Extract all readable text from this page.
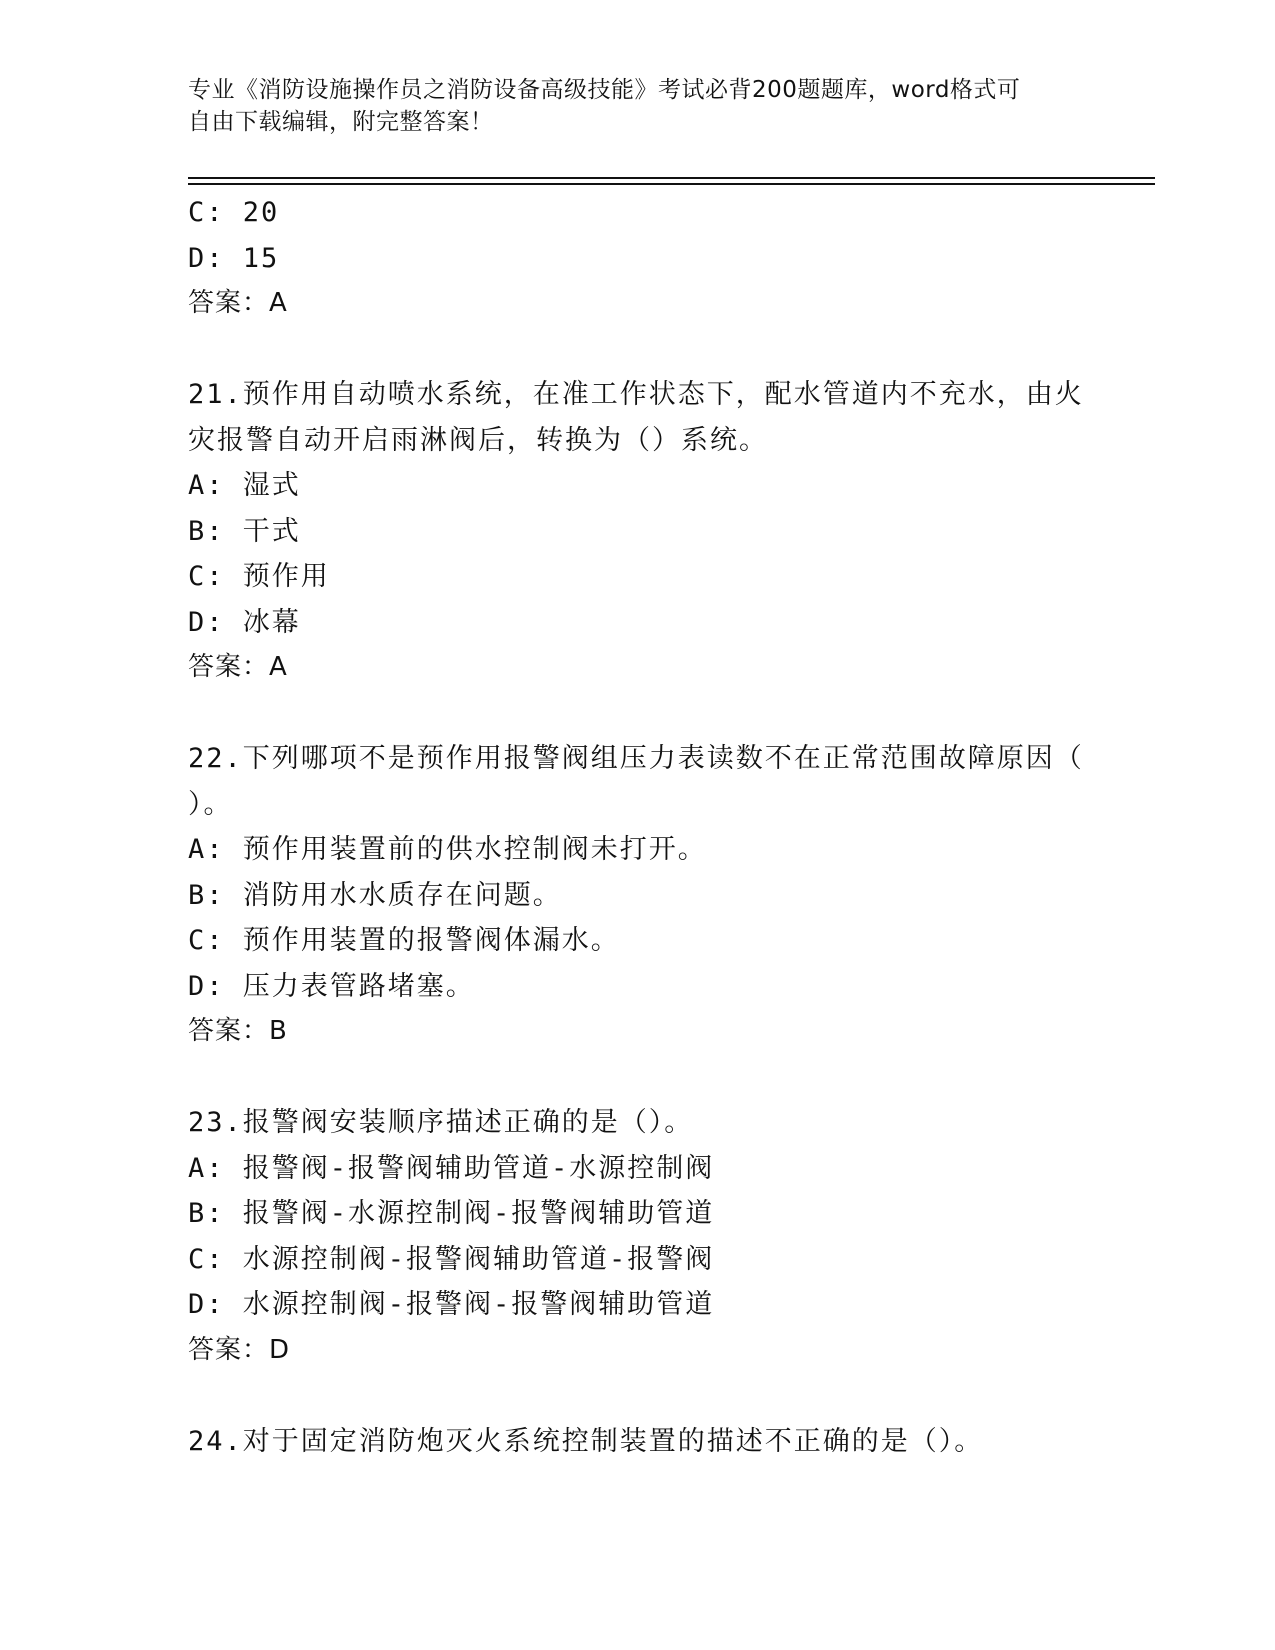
专业《消防设施操作员之消防设备高级技能》考试必背200题题库，word格式可
自由下载编辑，附完整答案！
C: 20
D: 15
答案：A
21.预作用自动喷水系统，在准工作状态下，配水管道内不充水，由火
灾报警自动开启雨淋阀后，转换为（）系统。
A: 湿式
B: 干式
C: 预作用
D: 冰幕
答案：A
22.下列哪项不是预作用报警阀组压力表读数不在正常范围故障原因（
）。
A: 预作用装置前的供水控制阀未打开。
B: 消防用水水质存在问题。
C: 预作用装置的报警阀体漏水。
D: 压力表管路堵塞。
答案：B
23.报警阀安装顺序描述正确的是（）。
A: 报警阀-报警阀辅助管道-水源控制阀
B: 报警阀-水源控制阀-报警阀辅助管道
C: 水源控制阀-报警阀辅助管道-报警阀
D: 水源控制阀-报警阀-报警阀辅助管道
答案：D
24.对于固定消防炮灭火系统控制装置的描述不正确的是（）。
